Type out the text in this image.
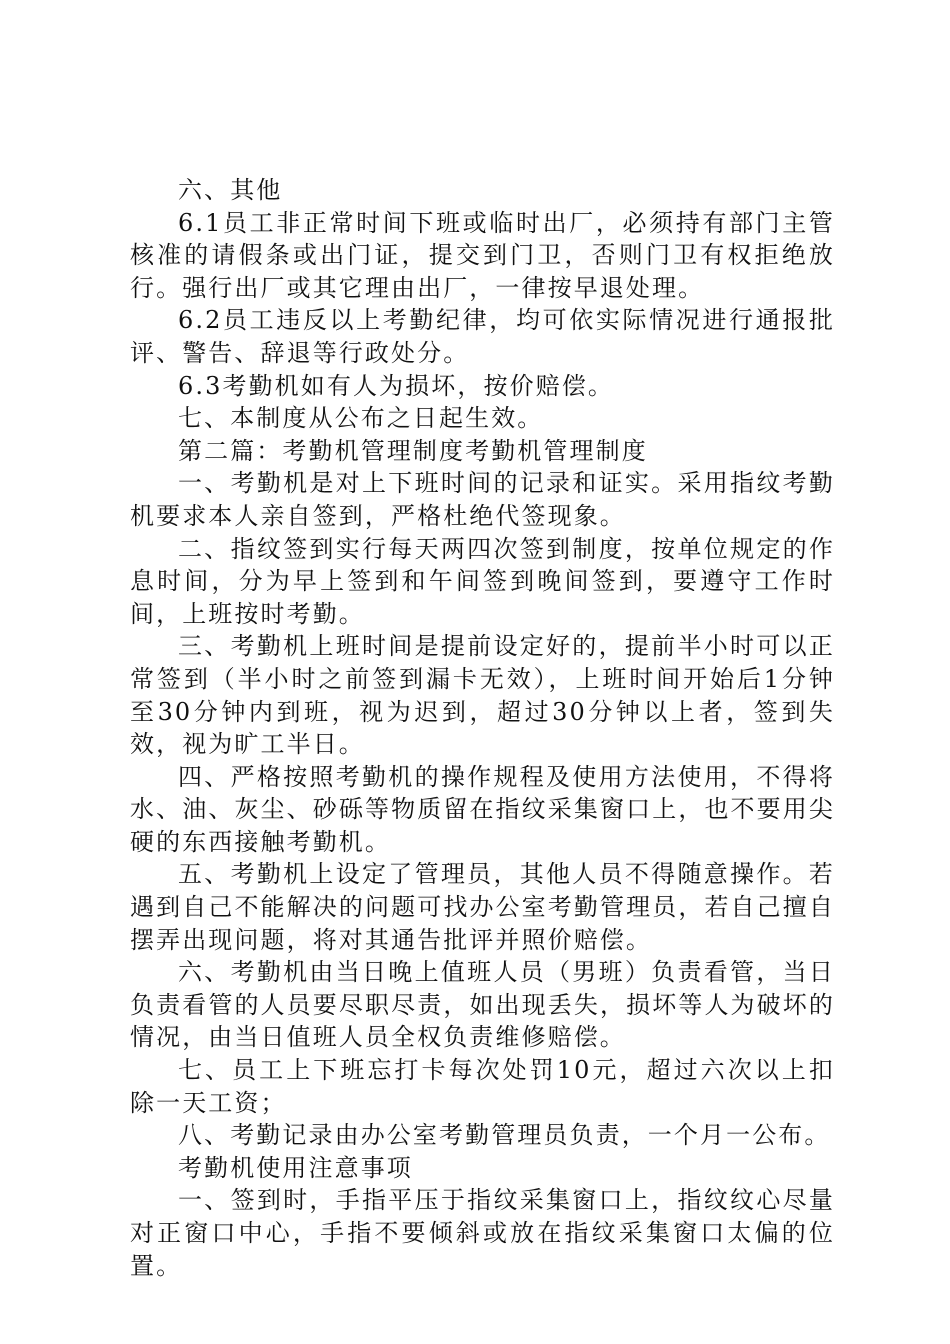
六、其他

6.1员工非正常时间下班或临时出厂，必须持有部门主管核准的请假条或出门证，提交到门卫，否则门卫有权拒绝放行。强行出厂或其它理由出厂，一律按早退处理。

6.2员工违反以上考勤纪律，均可依实际情况进行通报批评、警告、辞退等行政处分。

6.3考勤机如有人为损坏，按价赔偿。

七、本制度从公布之日起生效。

第二篇：考勤机管理制度考勤机管理制度

一、考勤机是对上下班时间的记录和证实。采用指纹考勤机要求本人亲自签到，严格杜绝代签现象。

二、指纹签到实行每天两四次签到制度，按单位规定的作息时间，分为早上签到和午间签到晚间签到，要遵守工作时间，上班按时考勤。

三、考勤机上班时间是提前设定好的，提前半小时可以正常签到（半小时之前签到漏卡无效），上班时间开始后1分钟至30分钟内到班，视为迟到，超过30分钟以上者，签到失效，视为旷工半日。

四、严格按照考勤机的操作规程及使用方法使用，不得将水、油、灰尘、砂砾等物质留在指纹采集窗口上，也不要用尖硬的东西接触考勤机。

五、考勤机上设定了管理员，其他人员不得随意操作。若遇到自己不能解决的问题可找办公室考勤管理员，若自己擅自摆弄出现问题，将对其通告批评并照价赔偿。

六、考勤机由当日晚上值班人员（男班）负责看管，当日负责看管的人员要尽职尽责，如出现丢失，损坏等人为破坏的情况，由当日值班人员全权负责维修赔偿。

七、员工上下班忘打卡每次处罚10元，超过六次以上扣除一天工资；

八、考勤记录由办公室考勤管理员负责，一个月一公布。

考勤机使用注意事项

一、签到时，手指平压于指纹采集窗口上，指纹纹心尽量对正窗口中心，手指不要倾斜或放在指纹采集窗口太偏的位置。
